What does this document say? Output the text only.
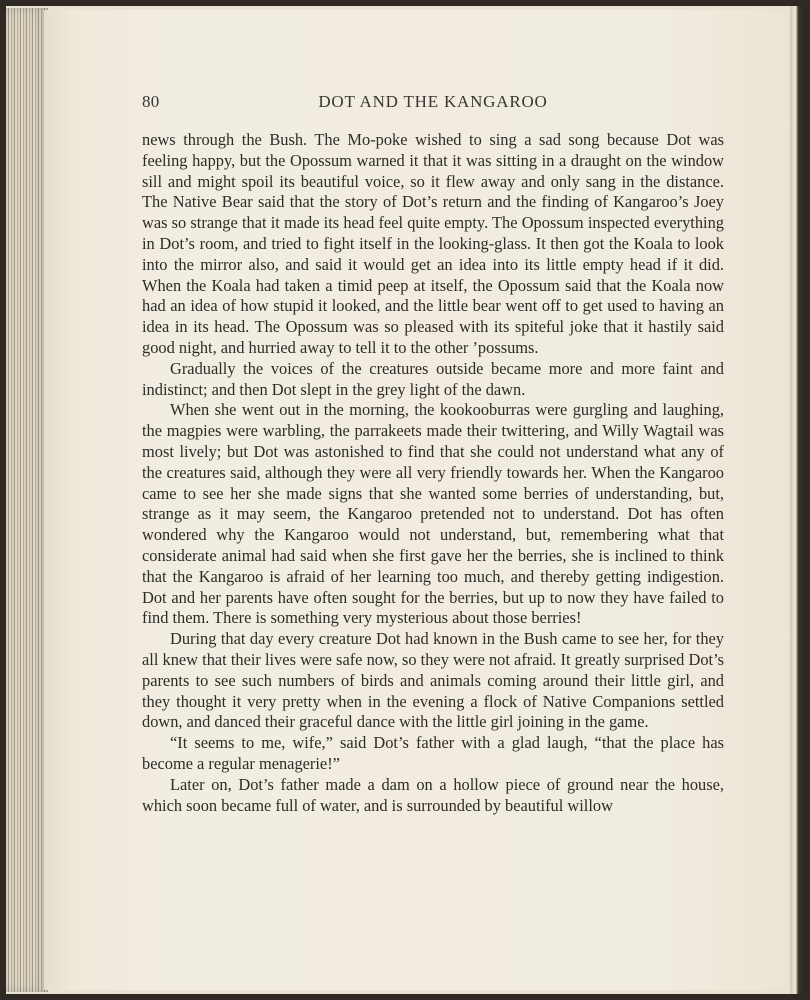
80	DOT AND THE KANGAROO

news through the Bush. The Mo-poke wished to sing a sad song because Dot was feeling happy, but the Opossum warned it that it was sitting in a draught on the window sill and might spoil its beautiful voice, so it flew away and only sang in the distance. The Native Bear said that the story of Dot’s return and the finding of Kangaroo’s Joey was so strange that it made its head feel quite empty. The Opossum inspected everything in Dot’s room, and tried to fight itself in the looking-glass. It then got the Koala to look into the mirror also, and said it would get an idea into its little empty head if it did. When the Koala had taken a timid peep at itself, the Opossum said that the Koala now had an idea of how stupid it looked, and the little bear went off to get used to having an idea in its head. The Opossum was so pleased with its spiteful joke that it hastily said good night, and hurried away to tell it to the other ’possums.

Gradually the voices of the creatures outside became more and more faint and indistinct; and then Dot slept in the grey light of the dawn.

When she went out in the morning, the kookooburras were gurgling and laughing, the magpies were warbling, the parrakeets made their twittering, and Willy Wagtail was most lively; but Dot was astonished to find that she could not understand what any of the creatures said, although they were all very friendly towards her. When the Kangaroo came to see her she made signs that she wanted some berries of understanding, but, strange as it may seem, the Kangaroo pretended not to understand. Dot has often wondered why the Kangaroo would not understand, but, remembering what that considerate animal had said when she first gave her the berries, she is inclined to think that the Kangaroo is afraid of her learning too much, and thereby getting indigestion. Dot and her parents have often sought for the berries, but up to now they have failed to find them. There is something very mysterious about those berries!

During that day every creature Dot had known in the Bush came to see her, for they all knew that their lives were safe now, so they were not afraid. It greatly surprised Dot’s parents to see such numbers of birds and animals coming around their little girl, and they thought it very pretty when in the evening a flock of Native Companions settled down, and danced their graceful dance with the little girl joining in the game.

“It seems to me, wife,” said Dot’s father with a glad laugh, “that the place has become a regular menagerie!”

Later on, Dot’s father made a dam on a hollow piece of ground near the house, which soon became full of water, and is surrounded by beautiful willow
